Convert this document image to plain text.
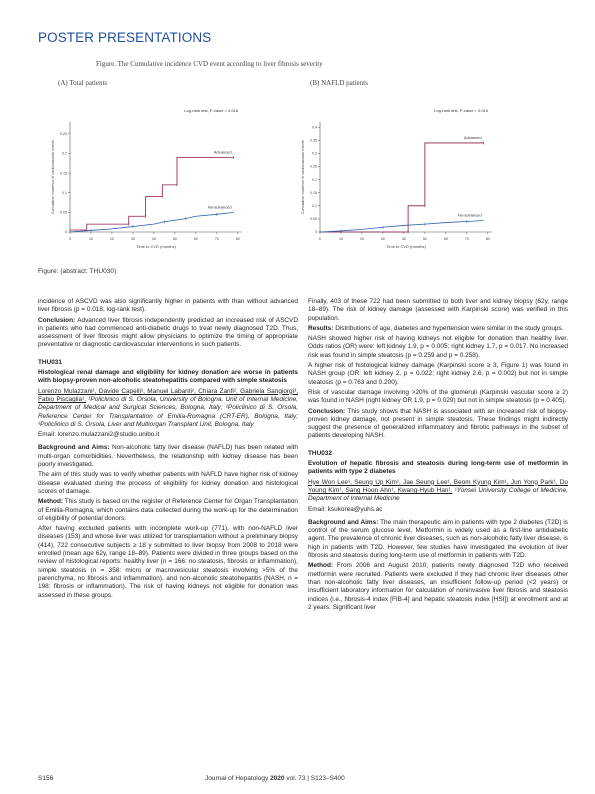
POSTER PRESENTATIONS
Figure. The Cumulative incidence CVD event according to liver fibrosis severity
(A) Total patients	(B) NAFLD patients
0	10	20	30	40	50	60	70	80
0
0.05
0.1
0.15
0.2
0.25
Time to CVD (months)
Cumulative incidence of cardiovascular events
Log-rank test, P-value = 0.018
Advanced
No-advanced
0	10	20	30	40	50	60	70	80
0
0.05
0.1
0.15
0.2
0.25
0.3
0.35
0.4
Time to CVD (months)
Cumulative incidence of cardiovascular events
Log-rank test, P-value = 0.015
Advanced
No-advanced
Figure: (abstract: THU030)

incidence of ASCVD was also significantly higher in patients with than without advanced liver fibrosis (p = 0.018, log-rank test).

Conclusion: Advanced liver fibrosis independently predicted an increased risk of ASCVD in patients who had commenced anti-diabetic drugs to treat newly diagnosed T2D. Thus, assessment of liver fibrosis might allow physicians to optimize the timing of appropriate preventative or diagnostic cardiovascular interventions in such patients.

THU031

Histological renal damage and eligibility for kidney donation are worse in patients with biopsy-proven non-alcoholic steatohepatitis compared with simple steatosis

Lorenzo Mulazzani¹, Davide Capelli¹, Manuel Labanti², Chiara Zanfi², Gabriela Sangiorgi³, Fabio Piscaglia¹. ¹Policlinico di S. Orsola, University of Bologna, Unit of Internal Medicine, Department of Medical and Surgical Sciences, Bologna, Italy; ²Policlinico di S. Orsola, Reference Center for Transplantation of Emilia-Romagna (CRT-ER), Bologna, Italy; ³Policlinico di S. Orsola, Liver and Multiorgan Transplant Unit, Bologna, Italy

Email: lorenzo.mulazzani2@studio.unibo.it

Background and Aims: Non-alcoholic fatty liver disease (NAFLD) has been related with multi-organ comorbidities. Nevertheless, the relationship with kidney disease has been poorly investigated.

The aim of this study was to verify whether patients with NAFLD have higher risk of kidney disease evaluated during the process of eligibility for kidney donation and histological scores of damage.

Method: This study is based on the register of Reference Center for Organ Transplantation of Emilia-Romagna, which contains data collected during the work-up for the determination of eligibility of potential donors.

After having excluded patients with incomplete work-up (771), with non-NAFLD liver diseases (153) and whose liver was utilized for transplantation without a preliminary biopsy (414), 722 consecutive subjects ≥ 18 y submitted to liver biopsy from 2008 to 2018 were enrolled (mean age 62y, range 18–89). Patients were divided in three groups based on the review of histological reports: healthy liver (n = 166: no steatosis, fibrosis or inflammation), simple steatosis (n = 358: micro or macrovesicular steatosis involving >5% of the parenchyma, no fibrosis and inflammation), and non-alcoholic steatohepatitis (NASH, n = 198: fibrosis or inflammation). The risk of having kidneys not eligible for donation was assessed in these groups.

Finally, 403 of these 722 had been submitted to both liver and kidney biopsy (62y, range 18–89). The risk of kidney damage (assessed with Karpinski score) was verified in this population.

Results: Distributions of age, diabetes and hypertension were similar in the study groups.

NASH showed higher risk of having kidneys not eligible for donation than healthy liver. Odds ratios (OR) were: left kidney 1.9, p = 0.005; right kidney 1.7, p = 0.017. No increased risk was found in simple steatosis (p = 0.259 and p = 0.258).

A higher risk of histological kidney damage (Karpinski score ≥ 3, Figure 1) was found in NASH group (OR: left kidney 2, p = 0.022; right kidney 2.6, p = 0.002) but not in simple steatosis (p = 0.763 and 0.200).

Risk of vascular damage involving >20% of the glomeruli (Karpinski vascular score ≥ 2) was found in NASH (right kidney OR 1.9, p = 0.029) but not in simple steatosis (p = 0.405).

Conclusion: This study shows that NASH is associated with an increased risk of biopsy-proven kidney damage, not present in simple steatosis. These findings might indirectly suggest the presence of generalized inflammatory and fibrotic pathways in the subset of patients developing NASH.

THU032

Evolution of hepatic fibrosis and steatosis during long-term use of metformin in patients with type 2 diabetes

Hye Won Lee¹, Seung Up Kim¹, Jae Seung Lee¹, Beom Kyung Kim¹, Jun Yong Park¹, Do Young Kim¹, Sang Hoon Ahn¹, Kwang-Hyub Han¹. ¹Yonsei University College of Medicine, Department of Internal Medicine

Email: ksukorea@yuhs.ac

Background and Aims: The main therapeutic aim in patients with type 2 diabetes (T2D) is control of the serum glucose level. Metformin is widely used as a first-line antidiabetic agent. The prevalence of chronic liver diseases, such as non-alcoholic fatty liver disease, is high in patients with T2D. However, few studies have investigated the evolution of liver fibrosis and steatosis during long-term use of metformin in patients with T2D.

Method: From 2006 and August 2010, patients newly diagnosed T2D who received metformin were recruited. Patients were excluded if they had chronic liver diseases other than non-alcoholic fatty liver diseases, an insufficient follow-up period (<2 years) or insufficient laboratory information for calculation of noninvasive liver fibrosis and steatosis indices (i.e., fibrosis-4 index [FIB-4] and hepatic steatosis index [HSI]) at enrollment and at 2 years. Significant liver

S156	Journal of Hepatology 2020 vol. 73 | S123–S400
